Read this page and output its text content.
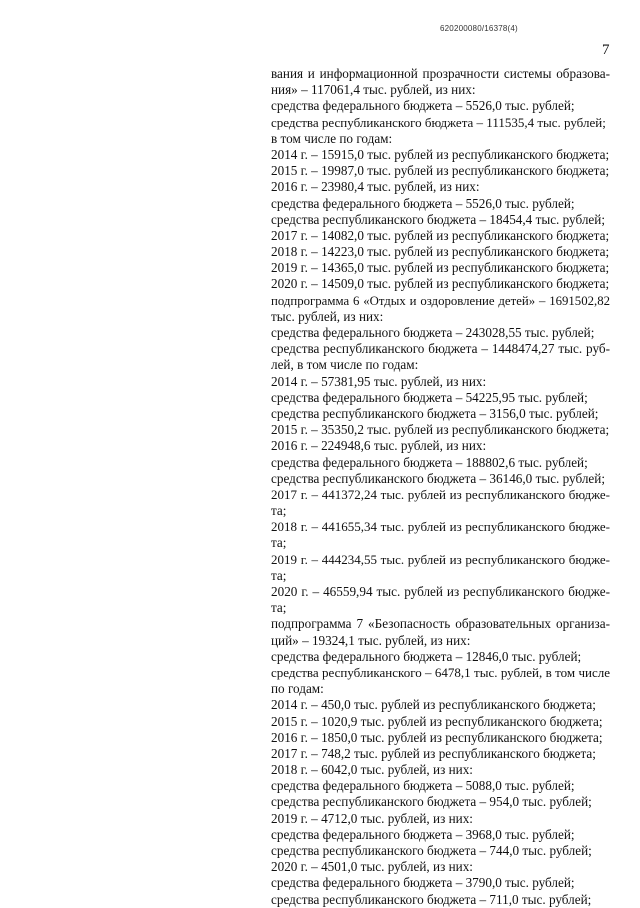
620200080/16378(4)
7
вания и информационной прозрачности системы образова-
ния» – 117061,4 тыс. рублей, из них:
средства федерального бюджета – 5526,0 тыс. рублей;
средства республиканского бюджета – 111535,4 тыс. рублей;
в том числе по годам:
2014 г. – 15915,0 тыс. рублей из республиканского бюджета;
2015 г. – 19987,0 тыс. рублей из республиканского бюджета;
2016 г. – 23980,4 тыс. рублей, из них:
средства федерального бюджета – 5526,0 тыс. рублей;
средства республиканского бюджета – 18454,4 тыс. рублей;
2017 г. – 14082,0 тыс. рублей из республиканского бюджета;
2018 г. – 14223,0 тыс. рублей из республиканского бюджета;
2019 г. – 14365,0 тыс. рублей из республиканского бюджета;
2020 г. – 14509,0 тыс. рублей из республиканского бюджета;
подпрограмма 6 «Отдых и оздоровление детей» – 1691502,82
тыс. рублей, из них:
средства федерального бюджета – 243028,55 тыс. рублей;
средства республиканского бюджета – 1448474,27 тыс. руб-
лей, в том числе по годам:
2014 г. – 57381,95 тыс. рублей, из них:
средства федерального бюджета – 54225,95 тыс. рублей;
средства республиканского бюджета – 3156,0 тыс. рублей;
2015 г. – 35350,2 тыс. рублей из республиканского бюджета;
2016 г. – 224948,6 тыс. рублей, из них:
средства федерального бюджета – 188802,6 тыс. рублей;
средства республиканского бюджета – 36146,0 тыс. рублей;
2017 г. – 441372,24 тыс. рублей из республиканского бюдже-
та;
2018 г. – 441655,34 тыс. рублей из республиканского бюдже-
та;
2019 г. – 444234,55 тыс. рублей из республиканского бюдже-
та;
2020 г. – 46559,94 тыс. рублей из республиканского бюдже-
та;
подпрограмма 7 «Безопасность образовательных организа-
ций» – 19324,1 тыс. рублей, из них:
средства федерального бюджета – 12846,0 тыс. рублей;
средства республиканского – 6478,1 тыс. рублей, в том числе
по годам:
2014 г. – 450,0 тыс. рублей из республиканского бюджета;
2015 г. – 1020,9 тыс. рублей из республиканского бюджета;
2016 г. – 1850,0 тыс. рублей из республиканского бюджета;
2017 г. – 748,2 тыс. рублей из республиканского бюджета;
2018 г. – 6042,0 тыс. рублей, из них:
средства федерального бюджета – 5088,0 тыс. рублей;
средства республиканского бюджета – 954,0 тыс. рублей;
2019 г. – 4712,0 тыс. рублей, из них:
средства федерального бюджета – 3968,0 тыс. рублей;
средства республиканского бюджета – 744,0 тыс. рублей;
2020 г. – 4501,0 тыс. рублей, из них:
средства федерального бюджета – 3790,0 тыс. рублей;
средства республиканского бюджета – 711,0 тыс. рублей;
